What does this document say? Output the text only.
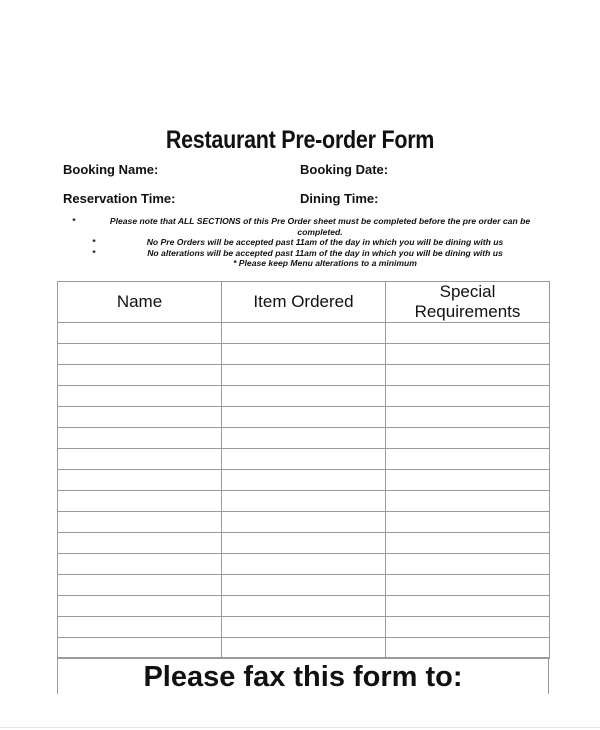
Restaurant Pre-order Form
Booking Name:	Booking Date:
Reservation Time:	Dining Time:
*	Please note that ALL SECTIONS of this Pre Order sheet must be completed before the pre order can be completed.
*	No Pre Orders will be accepted past 11am of the day in which you will be dining with us
*	No alterations will be accepted past 11am of the day in which you will be dining with us
* Please keep Menu alterations to a minimum
Name	Item Ordered	Special Requirements

Please fax this form to:
